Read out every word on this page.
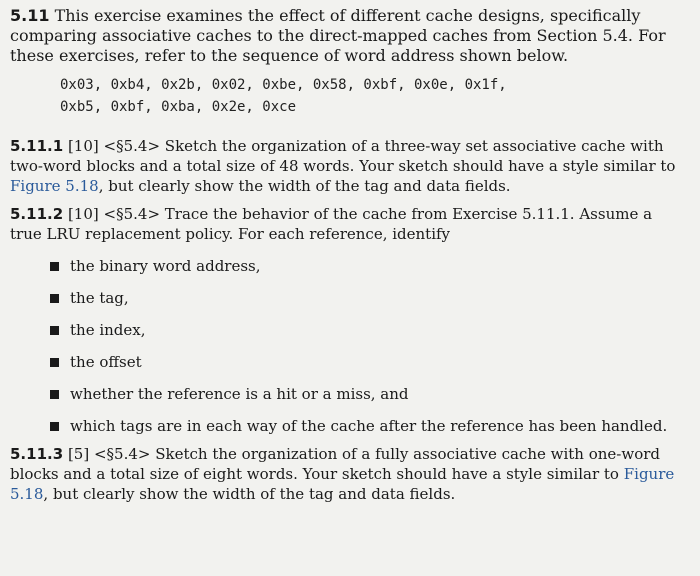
5.11 This exercise examines the effect of different cache designs, specifically comparing associative caches to the direct-mapped caches from Section 5.4. For these exercises, refer to the sequence of word address shown below.

0x03, 0xb4, 0x2b, 0x02, 0xbe, 0x58, 0xbf, 0x0e, 0x1f,
0xb5, 0xbf, 0xba, 0x2e, 0xce

5.11.1 [10] <§5.4> Sketch the organization of a three-way set associative cache with two-word blocks and a total size of 48 words. Your sketch should have a style similar to Figure 5.18, but clearly show the width of the tag and data fields.

5.11.2 [10] <§5.4> Trace the behavior of the cache from Exercise 5.11.1. Assume a true LRU replacement policy. For each reference, identify

the binary word address,
the tag,
the index,
the offset
whether the reference is a hit or a miss, and
which tags are in each way of the cache after the reference has been handled.

5.11.3 [5] <§5.4> Sketch the organization of a fully associative cache with one-word blocks and a total size of eight words. Your sketch should have a style similar to Figure 5.18, but clearly show the width of the tag and data fields.
